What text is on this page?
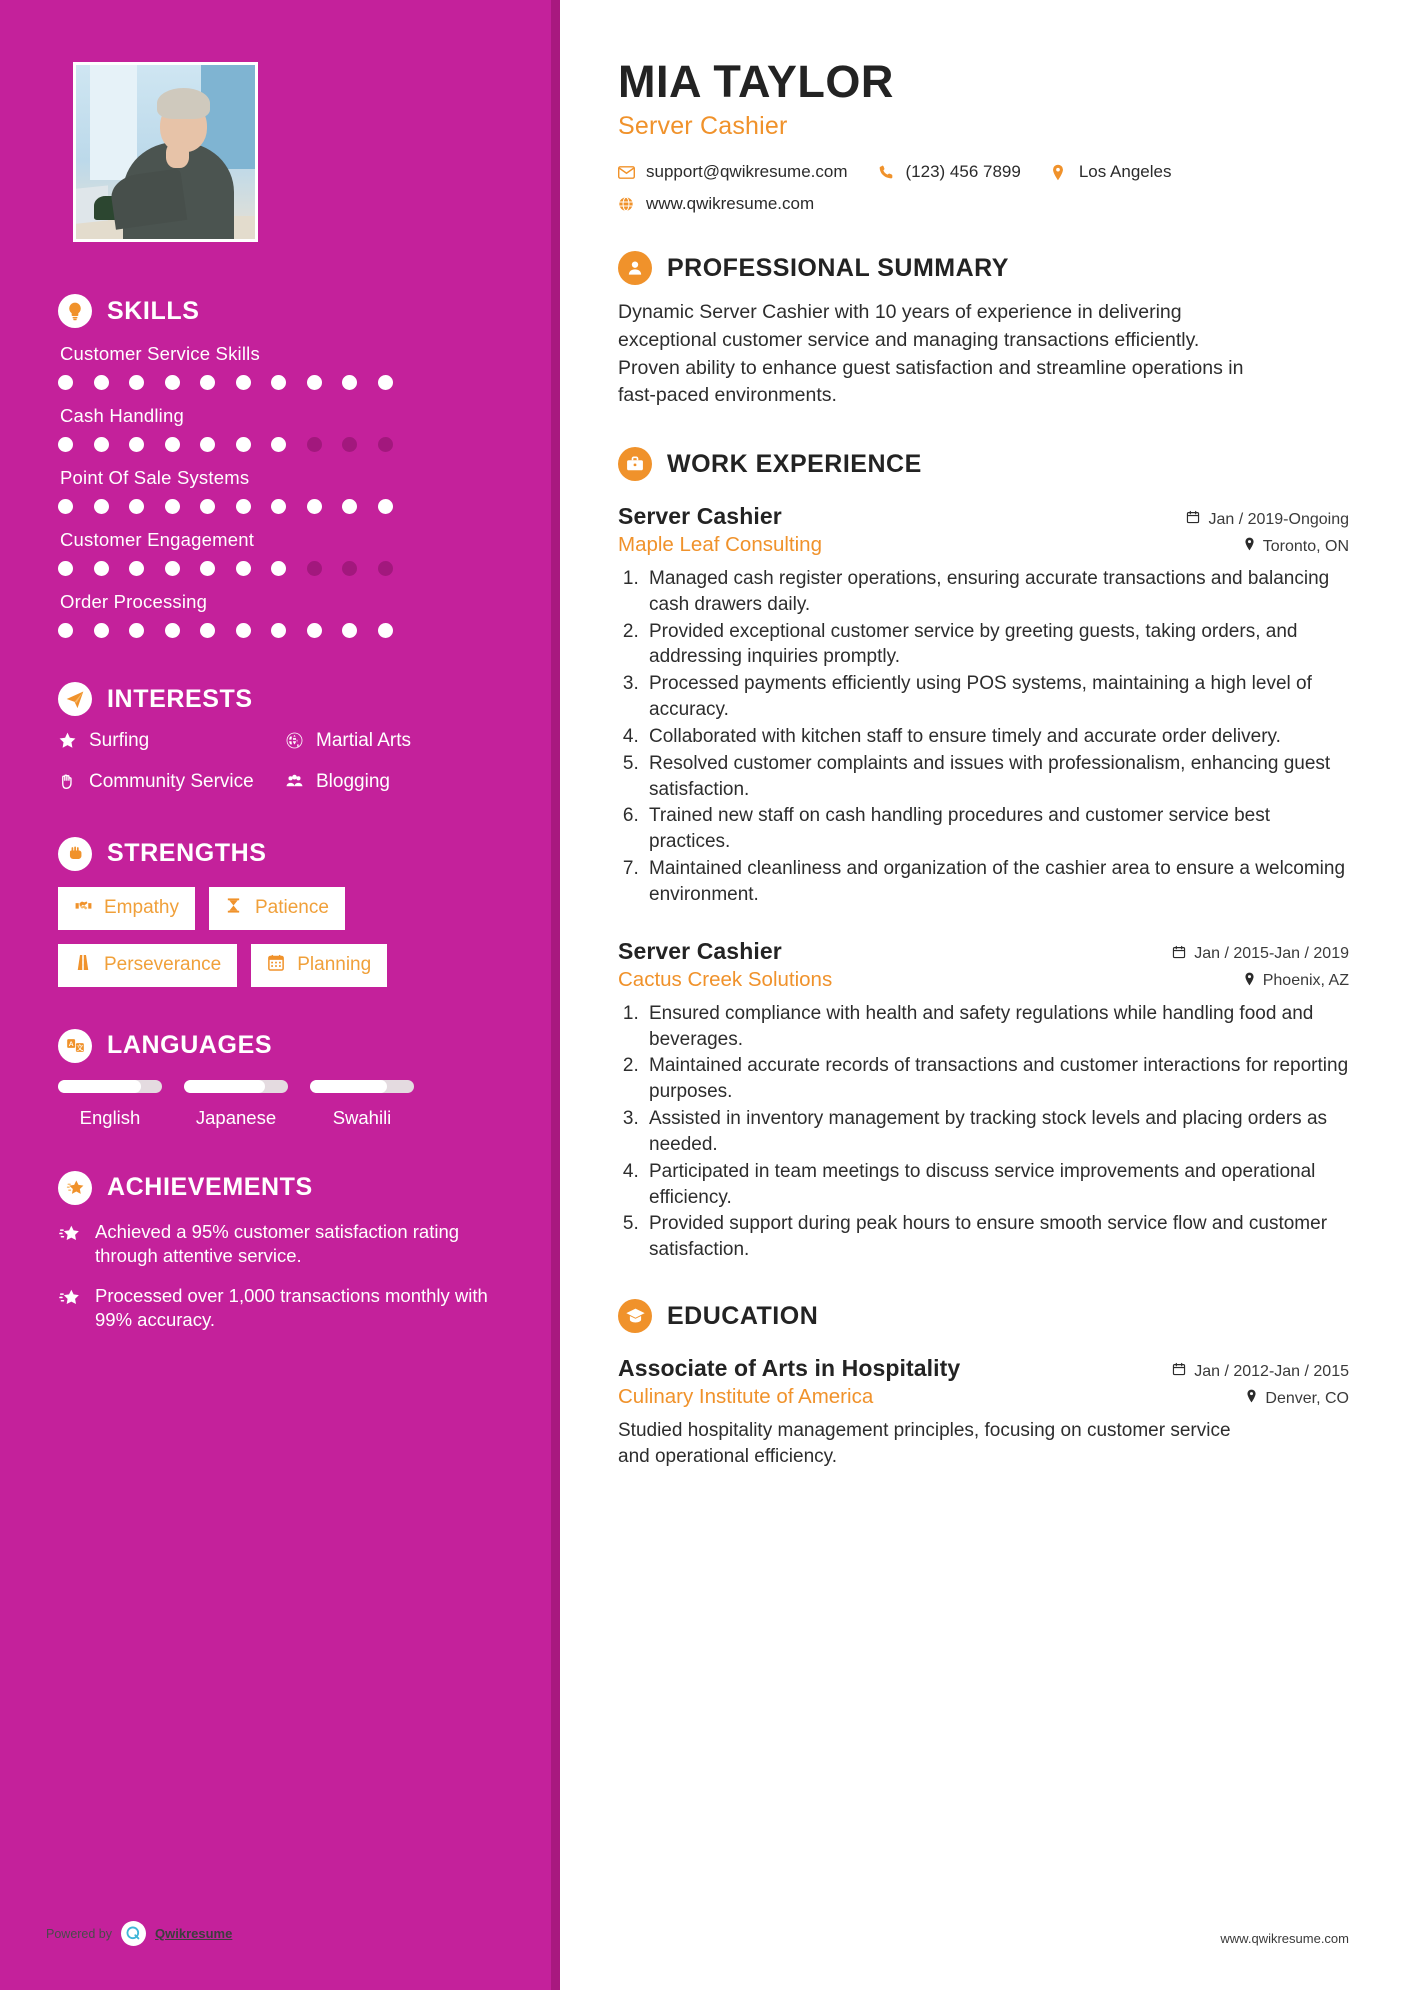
SKILLS
Customer Service Skills
Cash Handling
Point Of Sale Systems
Customer Engagement
Order Processing
INTERESTS
Surfing	Martial Arts
Community Service	Blogging
STRENGTHS
Empathy	Patience
Perseverance	Planning
A
文 LANGUAGES
English	Japanese	Swahili
ACHIEVEMENTS
Achieved a 95% customer satisfaction rating through attentive service.
Processed over 1,000 transactions monthly with 99% accuracy.
Powered by	Qwikresume
MIA TAYLOR
Server Cashier
support@qwikresume.com	(123) 456 7899	Los Angeles
www.qwikresume.com
PROFESSIONAL SUMMARY

Dynamic Server Cashier with 10 years of experience in delivering exceptional customer service and managing transactions efficiently. Proven ability to enhance guest satisfaction and streamline operations in fast-paced environments.

WORK EXPERIENCE
Server Cashier	Jan / 2019-Ongoing
Maple Leaf Consulting	Toronto, ON
1. Managed cash register operations, ensuring accurate transactions and balancing cash drawers daily.
2. Provided exceptional customer service by greeting guests, taking orders, and addressing inquiries promptly.
3. Processed payments efficiently using POS systems, maintaining a high level of accuracy.
4. Collaborated with kitchen staff to ensure timely and accurate order delivery.
5. Resolved customer complaints and issues with professionalism, enhancing guest satisfaction.
6. Trained new staff on cash handling procedures and customer service best practices.
7. Maintained cleanliness and organization of the cashier area to ensure a welcoming environment.
Server Cashier	Jan / 2015-Jan / 2019
Cactus Creek Solutions	Phoenix, AZ
1. Ensured compliance with health and safety regulations while handling food and beverages.
2. Maintained accurate records of transactions and customer interactions for reporting purposes.
3. Assisted in inventory management by tracking stock levels and placing orders as needed.
4. Participated in team meetings to discuss service improvements and operational efficiency.
5. Provided support during peak hours to ensure smooth service flow and customer satisfaction.
EDUCATION
Associate of Arts in Hospitality	Jan / 2012-Jan / 2015
Culinary Institute of America	Denver, CO

Studied hospitality management principles, focusing on customer service and operational efficiency.

www.qwikresume.com
